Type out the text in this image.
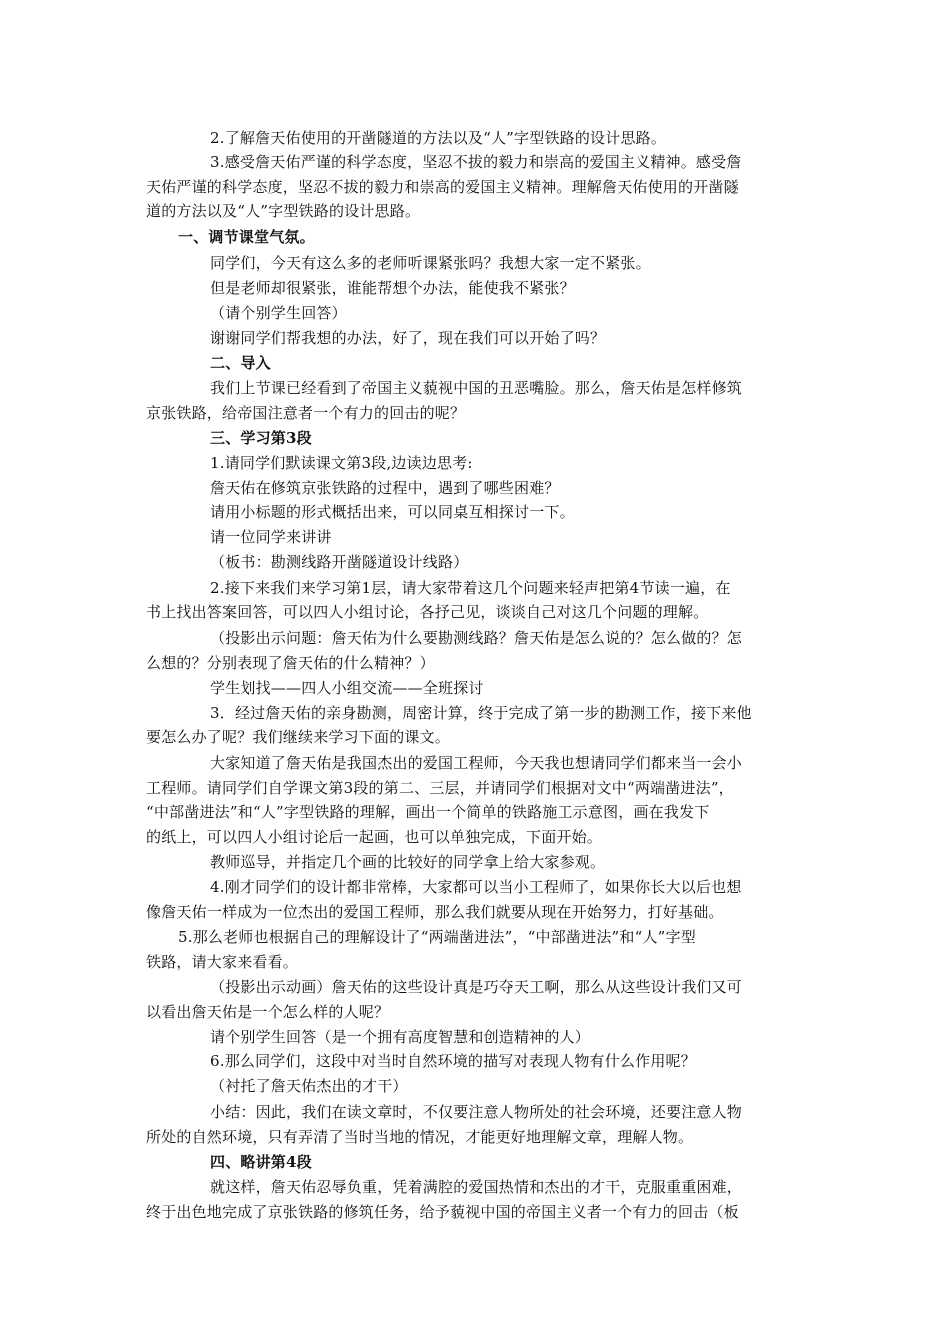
2.了解詹天佑使用的开凿隧道的方法以及“人”字型铁路的设计思路。
3.感受詹天佑严谨的科学态度，坚忍不拔的毅力和崇高的爱国主义精神。感受詹
天佑严谨的科学态度，坚忍不拔的毅力和崇高的爱国主义精神。理解詹天佑使用的开凿隧
道的方法以及“人”字型铁路的设计思路。
一、调节课堂气氛。
同学们，今天有这么多的老师听课紧张吗？我想大家一定不紧张。
但是老师却很紧张，谁能帮想个办法，能使我不紧张？
（请个别学生回答）
谢谢同学们帮我想的办法，好了，现在我们可以开始了吗？
二、导入
我们上节课已经看到了帝国主义藐视中国的丑恶嘴脸。那么，詹天佑是怎样修筑
京张铁路，给帝国注意者一个有力的回击的呢？
三、学习第3段
1.请同学们默读课文第3段,边读边思考:
詹天佑在修筑京张铁路的过程中，遇到了哪些困难？
请用小标题的形式概括出来，可以同桌互相探讨一下。
请一位同学来讲讲
（板书：勘测线路开凿隧道设计线路）
2.接下来我们来学习第1层，请大家带着这几个问题来轻声把第4节读一遍，在
书上找出答案回答，可以四人小组讨论，各抒己见，谈谈自己对这几个问题的理解。
（投影出示问题：詹天佑为什么要勘测线路？詹天佑是怎么说的？怎么做的？怎
么想的？分别表现了詹天佑的什么精神？）
学生划找——四人小组交流——全班探讨
3．经过詹天佑的亲身勘测，周密计算，终于完成了第一步的勘测工作，接下来他
要怎么办了呢？我们继续来学习下面的课文。
大家知道了詹天佑是我国杰出的爱国工程师，今天我也想请同学们都来当一会小
工程师。请同学们自学课文第3段的第二、三层，并请同学们根据对文中“两端凿进法”，
“中部凿进法”和“人”字型铁路的理解，画出一个简单的铁路施工示意图，画在我发下
的纸上，可以四人小组讨论后一起画，也可以单独完成，下面开始。
教师巡导，并指定几个画的比较好的同学拿上给大家参观。
4.刚才同学们的设计都非常棒，大家都可以当小工程师了，如果你长大以后也想
像詹天佑一样成为一位杰出的爱国工程师，那么我们就要从现在开始努力，打好基础。
5.那么老师也根据自己的理解设计了“两端凿进法”，“中部凿进法”和“人”字型
铁路，请大家来看看。
（投影出示动画）詹天佑的这些设计真是巧夺天工啊，那么从这些设计我们又可
以看出詹天佑是一个怎么样的人呢？
请个别学生回答（是一个拥有高度智慧和创造精神的人）
6.那么同学们，这段中对当时自然环境的描写对表现人物有什么作用呢？
（衬托了詹天佑杰出的才干）
小结：因此，我们在读文章时，不仅要注意人物所处的社会环境，还要注意人物
所处的自然环境，只有弄清了当时当地的情况，才能更好地理解文章，理解人物。
四、略讲第4段
就这样，詹天佑忍辱负重，凭着满腔的爱国热情和杰出的才干，克服重重困难，
终于出色地完成了京张铁路的修筑任务，给予藐视中国的帝国主义者一个有力的回击（板
